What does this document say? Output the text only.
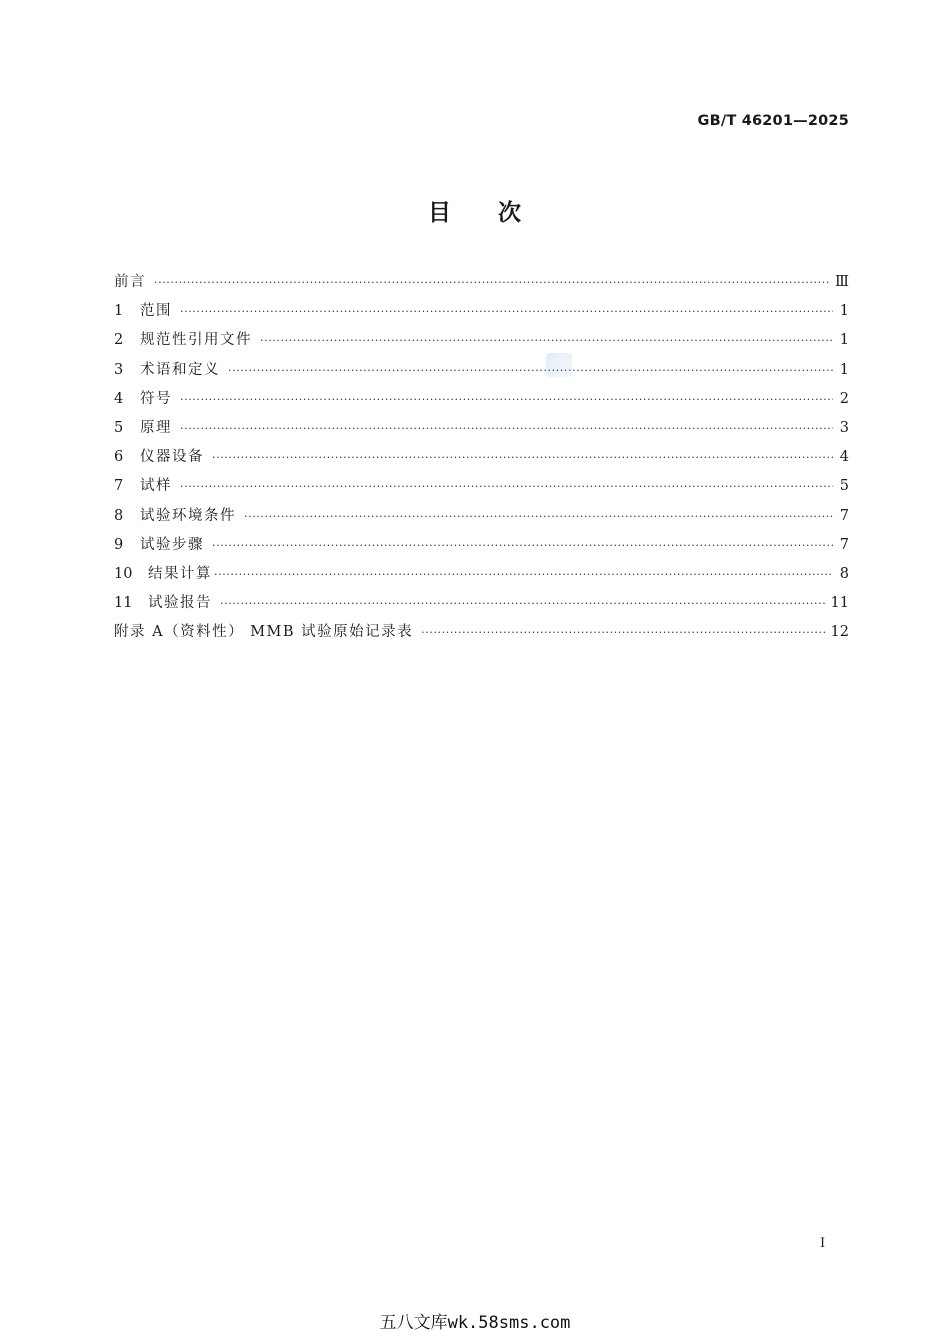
GB/T 46201—2025
目 次
前言 ·····	Ⅲ
1	范围 ·····	1
2	规范性引用文件 ·····	1
3	术语和定义 ·····	1
4	符号 ·····	2
5	原理 ·····	3
6	仪器设备 ·····	4
7	试样 ·····	5
8	试验环境条件 ·····	7
9	试验步骤 ·····	7
10	结果计算 ·····	8
11	试验报告 ·····	11
附录 A（资料性） MMB 试验原始记录表 ·····	12
I
五八文库wk.58sms.com
